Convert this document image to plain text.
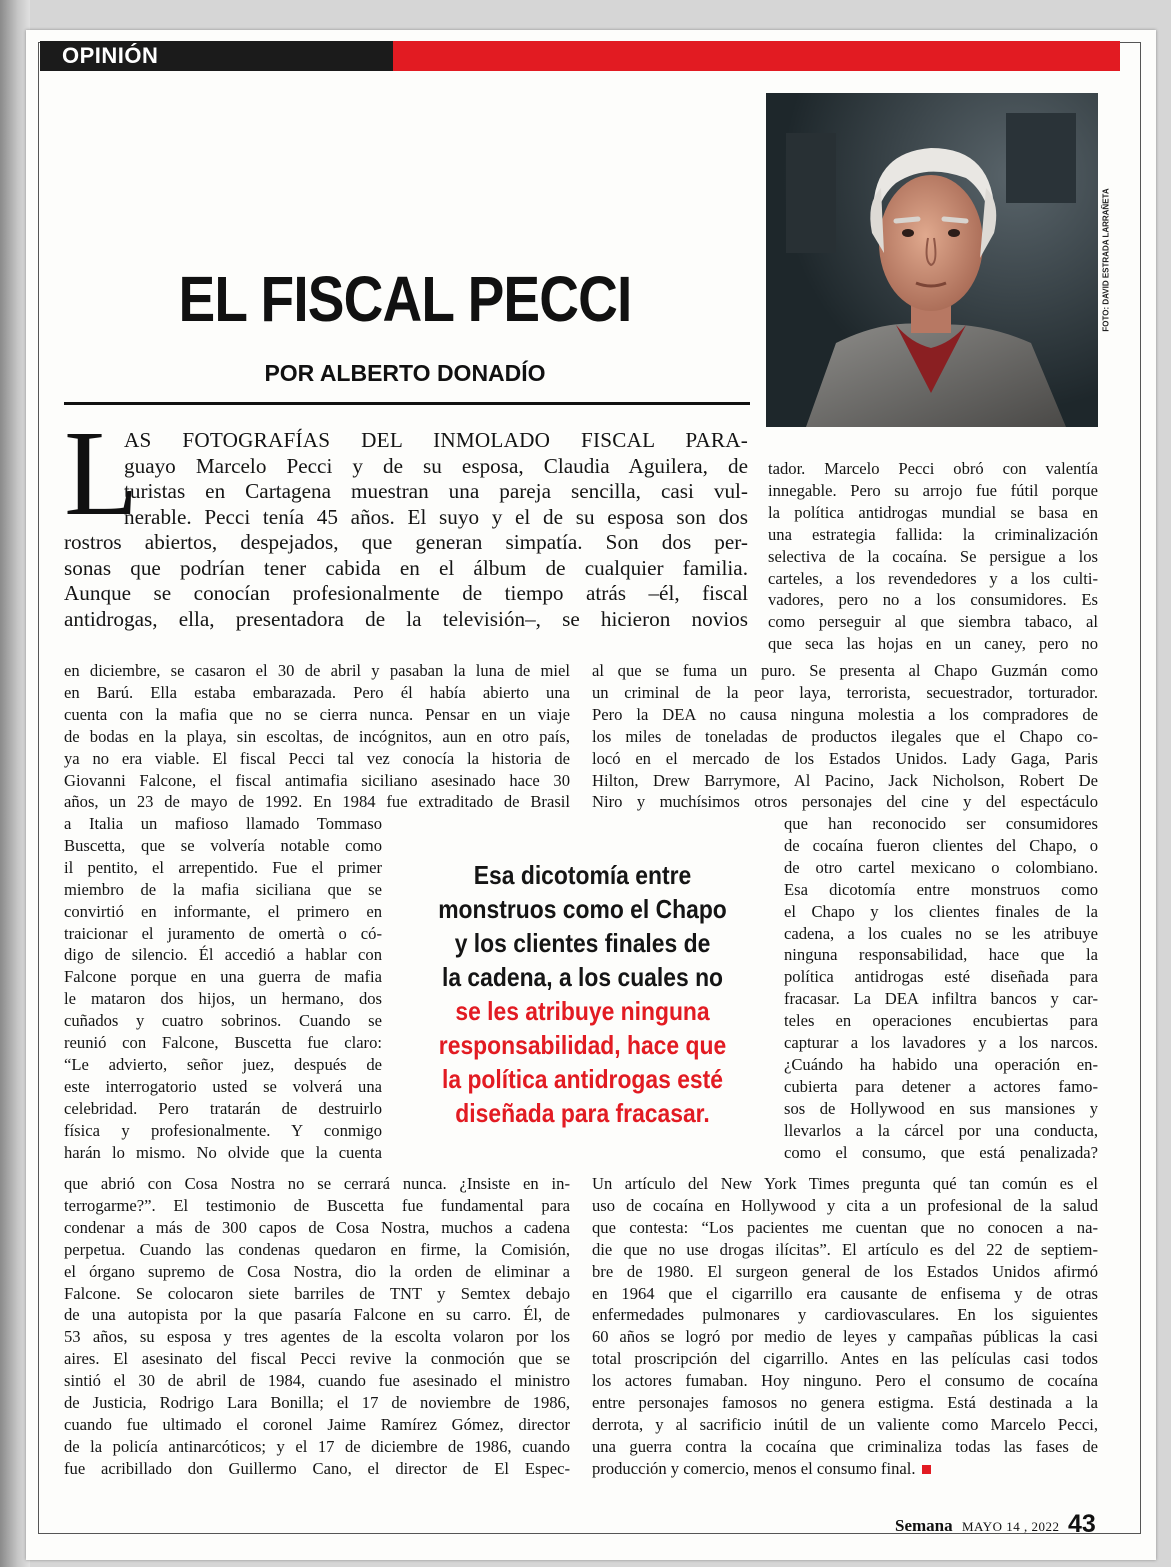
OPINIÓN
FOTO: DAVID ESTRADA LARRAÑETA
EL FISCAL PECCI
POR ALBERTO DONADÍO
L
AS FOTOGRAFÍAS DEL INMOLADO FISCAL PARA-
guayo Marcelo Pecci y de su esposa, Claudia Aguilera, de
turistas en Cartagena muestran una pareja sencilla, casi vul-
nerable. Pecci tenía 45 años. El suyo y el de su esposa son dos
rostros abiertos, despejados, que generan simpatía. Son dos per-
sonas que podrían tener cabida en el álbum de cualquier familia.
Aunque se conocían profesionalmente de tiempo atrás –él, fiscal
antidrogas, ella, presentadora de la televisión–, se hicieron novios
en diciembre, se casaron el 30 de abril y pasaban la luna de miel
en Barú. Ella estaba embarazada. Pero él había abierto una
cuenta con la mafia que no se cierra nunca. Pensar en un viaje
de bodas en la playa, sin escoltas, de incógnitos, aun en otro país,
ya no era viable. El fiscal Pecci tal vez conocía la historia de
Giovanni Falcone, el fiscal antimafia siciliano asesinado hace 30
años, un 23 de mayo de 1992. En 1984 fue extraditado de Brasil
a Italia un mafioso llamado Tommaso
Buscetta, que se volvería notable como
il pentito, el arrepentido. Fue el primer
miembro de la mafia siciliana que se
convirtió en informante, el primero en
traicionar el juramento de omertà o có-
digo de silencio. Él accedió a hablar con
Falcone porque en una guerra de mafia
le mataron dos hijos, un hermano, dos
cuñados y cuatro sobrinos. Cuando se
reunió con Falcone, Buscetta fue claro:
“Le advierto, señor juez, después de
este interrogatorio usted se volverá una
celebridad. Pero tratarán de destruirlo
física y profesionalmente. Y conmigo
harán lo mismo. No olvide que la cuenta
que abrió con Cosa Nostra no se cerrará nunca. ¿Insiste en in-
terrogarme?”. El testimonio de Buscetta fue fundamental para
condenar a más de 300 capos de Cosa Nostra, muchos a cadena
perpetua. Cuando las condenas quedaron en firme, la Comisión,
el órgano supremo de Cosa Nostra, dio la orden de eliminar a
Falcone. Se colocaron siete barriles de TNT y Semtex debajo
de una autopista por la que pasaría Falcone en su carro. Él, de
53 años, su esposa y tres agentes de la escolta volaron por los
aires. El asesinato del fiscal Pecci revive la conmoción que se
sintió el 30 de abril de 1984, cuando fue asesinado el ministro
de Justicia, Rodrigo Lara Bonilla; el 17 de noviembre de 1986,
cuando fue ultimado el coronel Jaime Ramírez Gómez, director
de la policía antinarcóticos; y el 17 de diciembre de 1986, cuando
fue acribillado don Guillermo Cano, el director de El Espec-
tador. Marcelo Pecci obró con valentía
innegable. Pero su arrojo fue fútil porque
la política antidrogas mundial se basa en
una estrategia fallida: la criminalización
selectiva de la cocaína. Se persigue a los
carteles, a los revendedores y a los culti-
vadores, pero no a los consumidores. Es
como perseguir al que siembra tabaco, al
que seca las hojas en un caney, pero no
al que se fuma un puro. Se presenta al Chapo Guzmán como
un criminal de la peor laya, terrorista, secuestrador, torturador.
Pero la DEA no causa ninguna molestia a los compradores de
los miles de toneladas de productos ilegales que el Chapo co-
locó en el mercado de los Estados Unidos. Lady Gaga, Paris
Hilton, Drew Barrymore, Al Pacino, Jack Nicholson, Robert De
Niro y muchísimos otros personajes del cine y del espectáculo
que han reconocido ser consumidores
de cocaína fueron clientes del Chapo, o
de otro cartel mexicano o colombiano.
Esa dicotomía entre monstruos como
el Chapo y los clientes finales de la
cadena, a los cuales no se les atribuye
ninguna responsabilidad, hace que la
política antidrogas esté diseñada para
fracasar. La DEA infiltra bancos y car-
teles en operaciones encubiertas para
capturar a los lavadores y a los narcos.
¿Cuándo ha habido una operación en-
cubierta para detener a actores famo-
sos de Hollywood en sus mansiones y
llevarlos a la cárcel por una conducta,
como el consumo, que está penalizada?
Un artículo del New York Times pregunta qué tan común es el
uso de cocaína en Hollywood y cita a un profesional de la salud
que contesta: “Los pacientes me cuentan que no conocen a na-
die que no use drogas ilícitas”. El artículo es del 22 de septiem-
bre de 1980. El surgeon general de los Estados Unidos afirmó
en 1964 que el cigarrillo era causante de enfisema y de otras
enfermedades pulmonares y cardiovasculares. En los siguientes
60 años se logró por medio de leyes y campañas públicas la casi
total proscripción del cigarrillo. Antes en las películas casi todos
los actores fumaban. Hoy ninguno. Pero el consumo de cocaína
entre personajes famosos no genera estigma. Está destinada a la
derrota, y al sacrificio inútil de un valiente como Marcelo Pecci,
una guerra contra la cocaína que criminaliza todas las fases de
producción y comercio, menos el consumo final.
Esa dicotomía entre
monstruos como el Chapo
y los clientes finales de
la cadena, a los cuales no
se les atribuye ninguna
responsabilidad, hace que
la política antidrogas esté
diseñada para fracasar.
Semana MAYO 14 , 2022 43
